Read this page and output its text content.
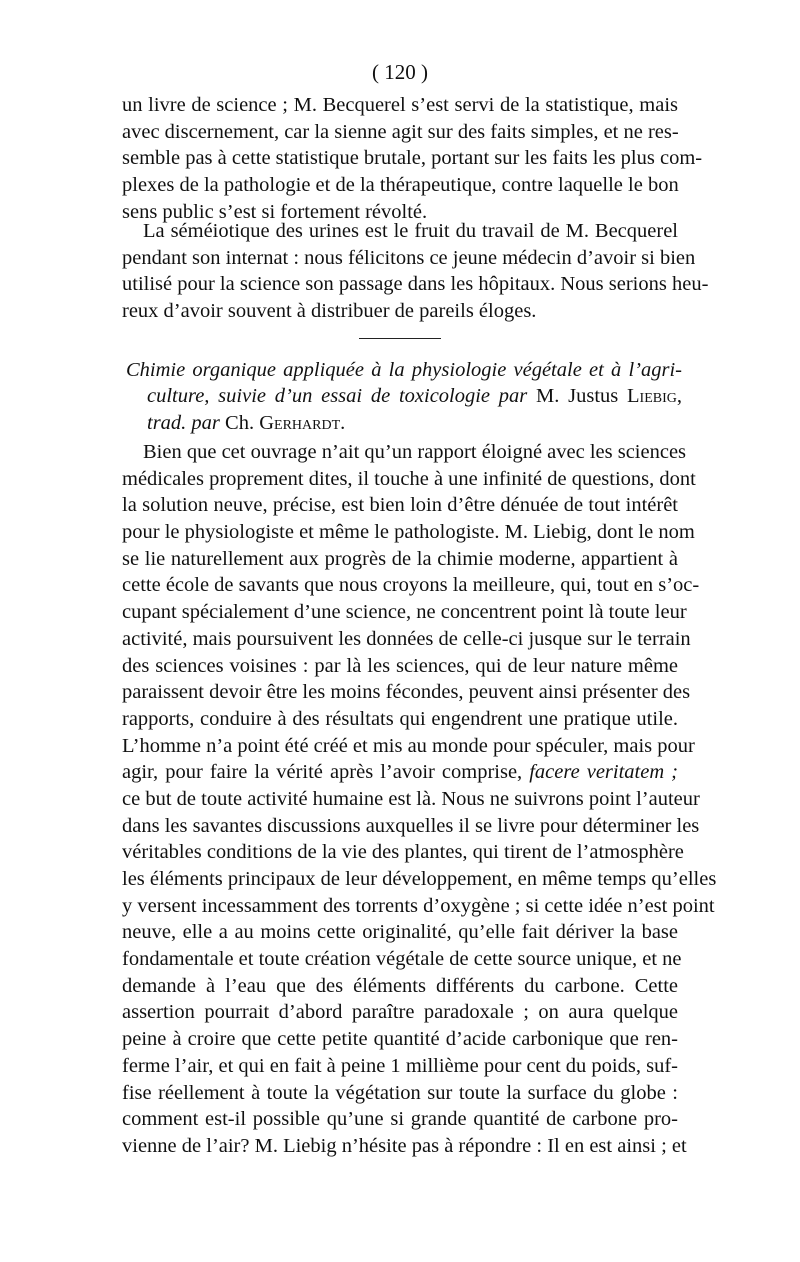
( 120 )
un livre de science ; M. Becquerel s’est servi de la statistique, mais
avec discernement, car la sienne agit sur des faits simples, et ne res-
semble pas à cette statistique brutale, portant sur les faits les plus com-
plexes de la pathologie et de la thérapeutique, contre laquelle le bon
sens public s’est si fortement révolté.
La séméiotique des urines est le fruit du travail de M. Becquerel
pendant son internat : nous félicitons ce jeune médecin d’avoir si bien
utilisé pour la science son passage dans les hôpitaux. Nous serions heu-
reux d’avoir souvent à distribuer de pareils éloges.
Chimie organique appliquée à la physiologie végétale et à l’agri-
culture, suivie d’un essai de toxicologie par M. Justus Liebig,
trad. par Ch. Gerhardt.
Bien que cet ouvrage n’ait qu’un rapport éloigné avec les sciences
médicales proprement dites, il touche à une infinité de questions, dont
la solution neuve, précise, est bien loin d’être dénuée de tout intérêt
pour le physiologiste et même le pathologiste. M. Liebig, dont le nom
se lie naturellement aux progrès de la chimie moderne, appartient à
cette école de savants que nous croyons la meilleure, qui, tout en s’oc-
cupant spécialement d’une science, ne concentrent point là toute leur
activité, mais poursuivent les données de celle-ci jusque sur le terrain
des sciences voisines : par là les sciences, qui de leur nature même
paraissent devoir être les moins fécondes, peuvent ainsi présenter des
rapports, conduire à des résultats qui engendrent une pratique utile.
L’homme n’a point été créé et mis au monde pour spéculer, mais pour
agir, pour faire la vérité après l’avoir comprise, facere veritatem ;
ce but de toute activité humaine est là. Nous ne suivrons point l’auteur
dans les savantes discussions auxquelles il se livre pour déterminer les
véritables conditions de la vie des plantes, qui tirent de l’atmosphère
les éléments principaux de leur développement, en même temps qu’elles
y versent incessamment des torrents d’oxygène ; si cette idée n’est point
neuve, elle a au moins cette originalité, qu’elle fait dériver la base
fondamentale et toute création végétale de cette source unique, et ne
demande à l’eau que des éléments différents du carbone. Cette
assertion pourrait d’abord paraître paradoxale ; on aura quelque
peine à croire que cette petite quantité d’acide carbonique que ren-
ferme l’air, et qui en fait à peine 1 millième pour cent du poids, suf-
fise réellement à toute la végétation sur toute la surface du globe :
comment est-il possible qu’une si grande quantité de carbone pro-
vienne de l’air? M. Liebig n’hésite pas à répondre : Il en est ainsi ; et
